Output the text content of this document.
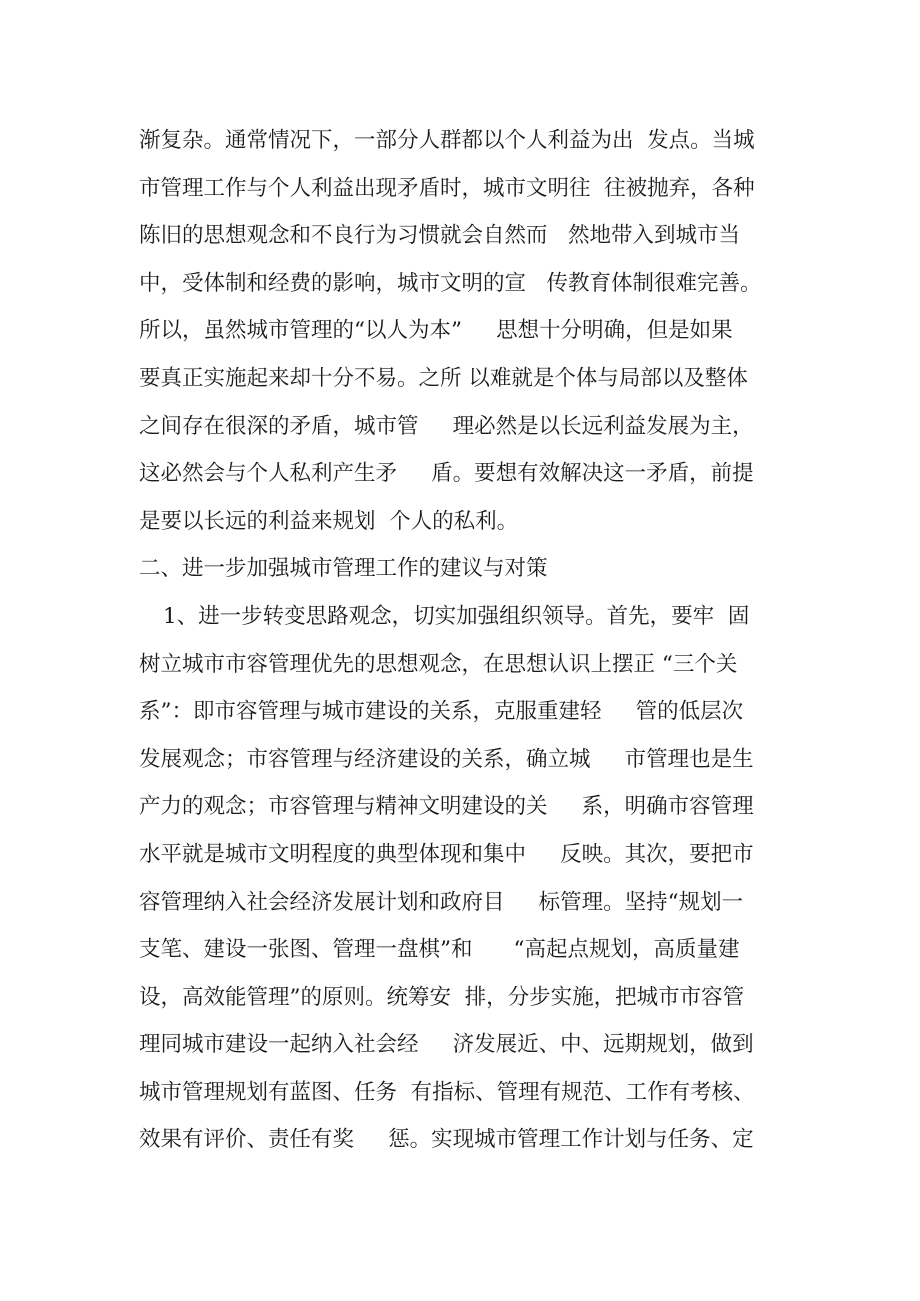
渐复杂。通常情况下，一部分人群都以个人利益为出  发点。当城
市管理工作与个人利益出现矛盾时，城市文明往  往被抛弃，各种
陈旧的思想观念和不良行为习惯就会自然而   然地带入到城市当
中，受体制和经费的影响，城市文明的宣   传教育体制很难完善。
所以，虽然城市管理的“以人为本”     思想十分明确，但是如果
要真正实施起来却十分不易。之所 以难就是个体与局部以及整体
之间存在很深的矛盾，城市管     理必然是以长远利益发展为主，
这必然会与个人私利产生矛     盾。要想有效解决这一矛盾，前提
是要以长远的利益来规划  个人的私利。
二、进一步加强城市管理工作的建议与对策
1、进一步转变思路观念，切实加强组织领导。首先，要牢  固
树立城市市容管理优先的思想观念，在思想认识上摆正 “三个关
系”：即市容管理与城市建设的关系，克服重建轻     管的低层次
发展观念；市容管理与经济建设的关系，确立城     市管理也是生
产力的观念；市容管理与精神文明建设的关     系，明确市容管理
水平就是城市文明程度的典型体现和集中     反映。其次，要把市
容管理纳入社会经济发展计划和政府目     标管理。坚持“规划一
支笔、建设一张图、管理一盘棋”和      “高起点规划，高质量建
设，高效能管理”的原则。统筹安  排，分步实施，把城市市容管
理同城市建设一起纳入社会经     济发展近、中、远期规划，做到
城市管理规划有蓝图、任务  有指标、管理有规范、工作有考核、
效果有评价、责任有奖     惩。实现城市管理工作计划与任务、定
